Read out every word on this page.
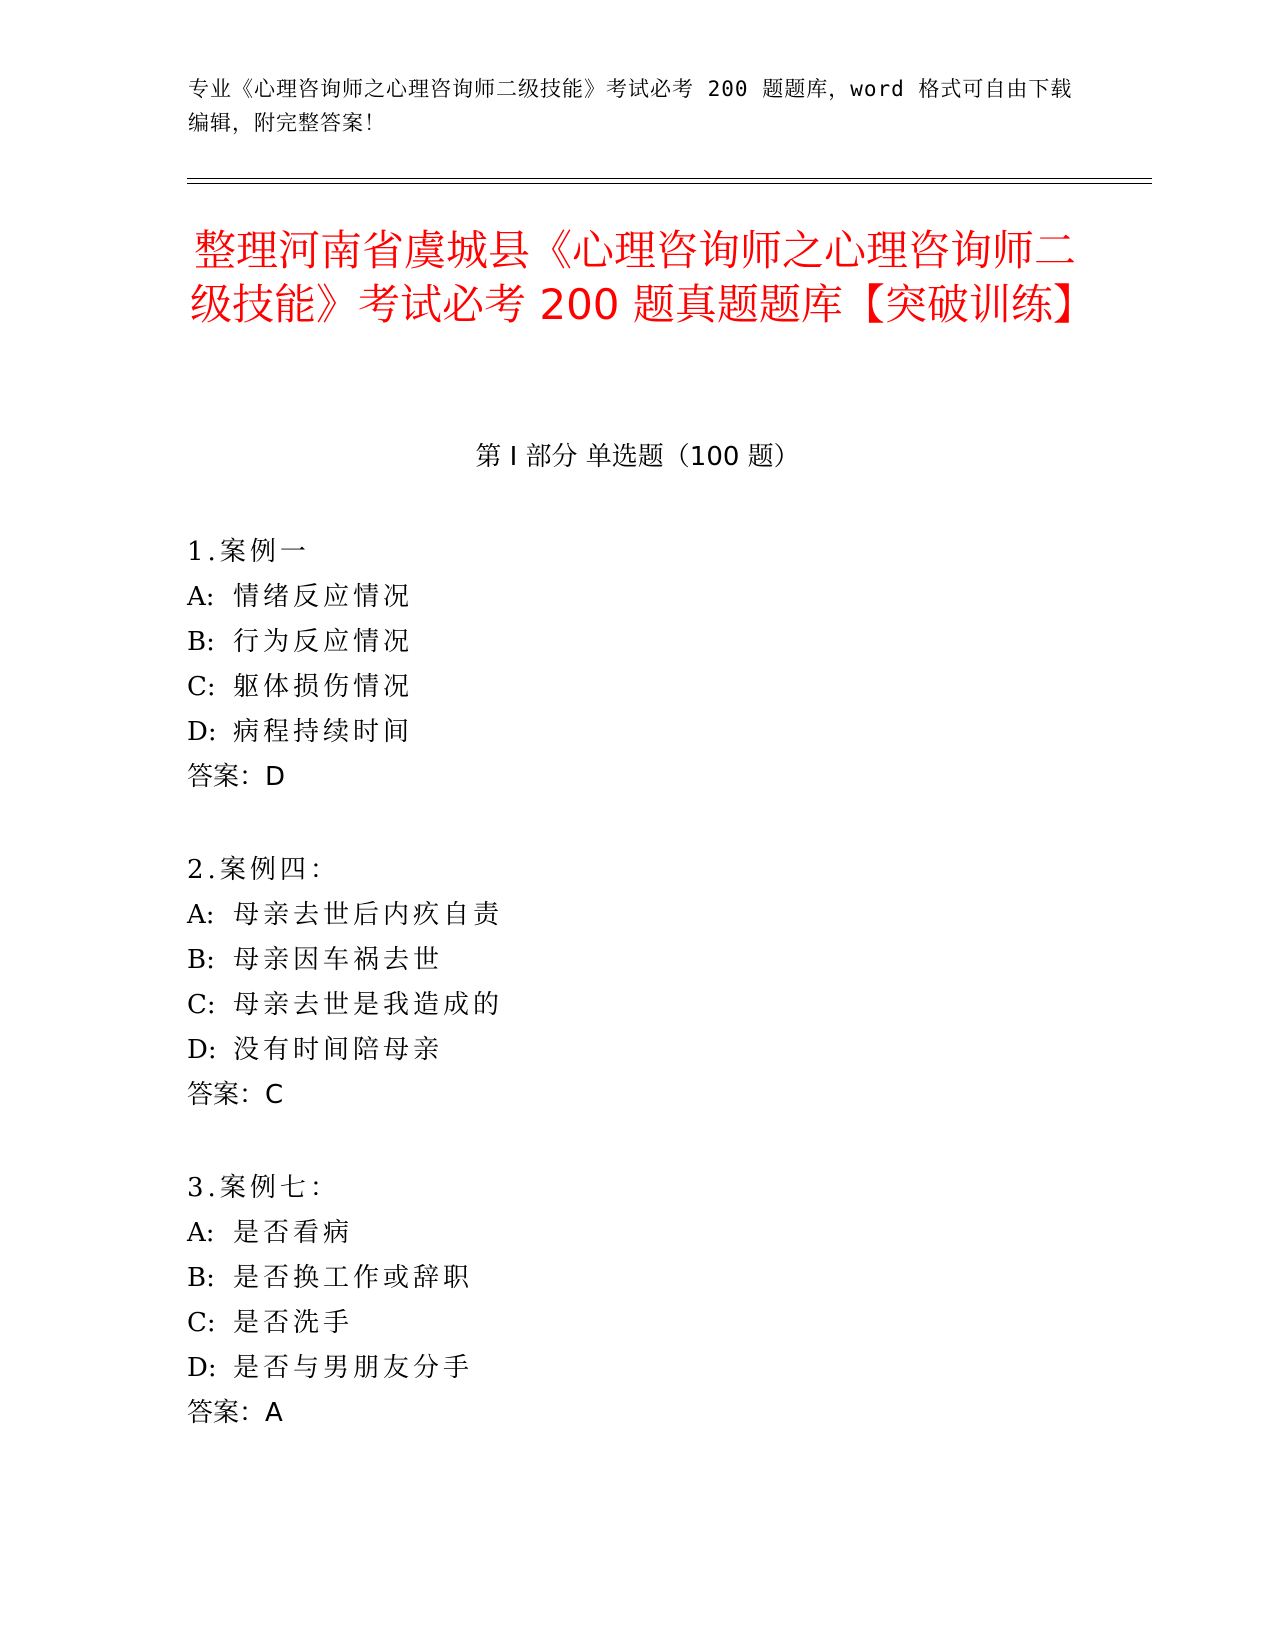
专业《心理咨询师之心理咨询师二级技能》考试必考 200 题题库，word 格式可自由下载编辑，附完整答案！
整理河南省虞城县《心理咨询师之心理咨询师二级技能》考试必考 200 题真题题库【突破训练】
第 I 部分 单选题（100 题）
1.案例一
A: 情绪反应情况
B: 行为反应情况
C: 躯体损伤情况
D: 病程持续时间
答案：D
2.案例四：
A: 母亲去世后内疚自责
B: 母亲因车祸去世
C: 母亲去世是我造成的
D: 没有时间陪母亲
答案：C
3.案例七：
A: 是否看病
B: 是否换工作或辞职
C: 是否洗手
D: 是否与男朋友分手
答案：A
